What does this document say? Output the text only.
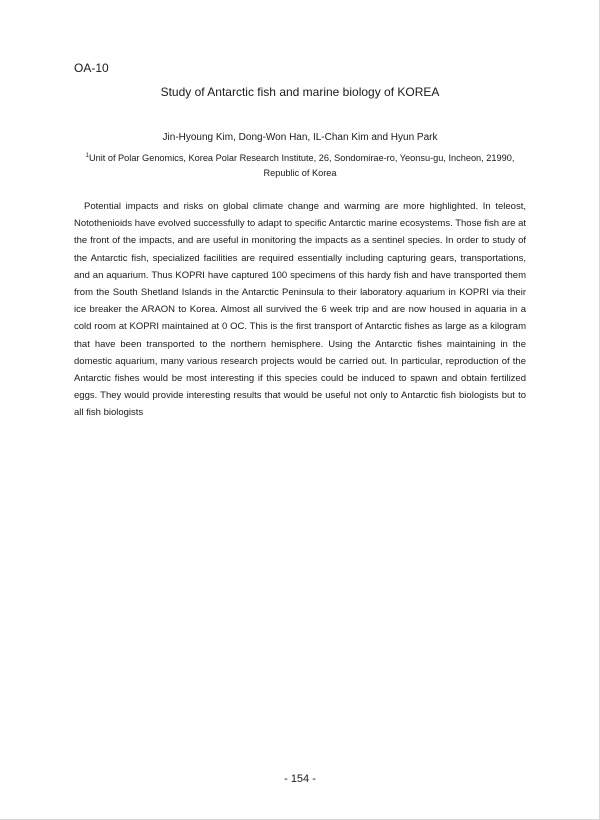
OA-10
Study of Antarctic fish and marine biology of KOREA
Jin-Hyoung Kim, Dong-Won Han, IL-Chan Kim and Hyun Park
$^1$Unit of Polar Genomics, Korea Polar Research Institute, 26, Sondomirae-ro, Yeonsu-gu, Incheon, 21990, Republic of Korea
Potential impacts and risks on global climate change and warming are more highlighted. In teleost, Notothenioids have evolved successfully to adapt to specific Antarctic marine ecosystems. Those fish are at the front of the impacts, and are useful in monitoring the impacts as a sentinel species. In order to study of the Antarctic fish, specialized facilities are required essentially including capturing gears, transportations, and an aquarium. Thus KOPRI have captured 100 specimens of this hardy fish and have transported them from the South Shetland Islands in the Antarctic Peninsula to their laboratory aquarium in KOPRI via their ice breaker the ARAON to Korea. Almost all survived the 6 week trip and are now housed in aquaria in a cold room at KOPRI maintained at 0 OC. This is the first transport of Antarctic fishes as large as a kilogram that have been transported to the northern hemisphere. Using the Antarctic fishes maintaining in the domestic aquarium, many various research projects would be carried out. In particular, reproduction of the Antarctic fishes would be most interesting if this species could be induced to spawn and obtain fertilized eggs. They would provide interesting results that would be useful not only to Antarctic fish biologists but to all fish biologists
- 154 -
